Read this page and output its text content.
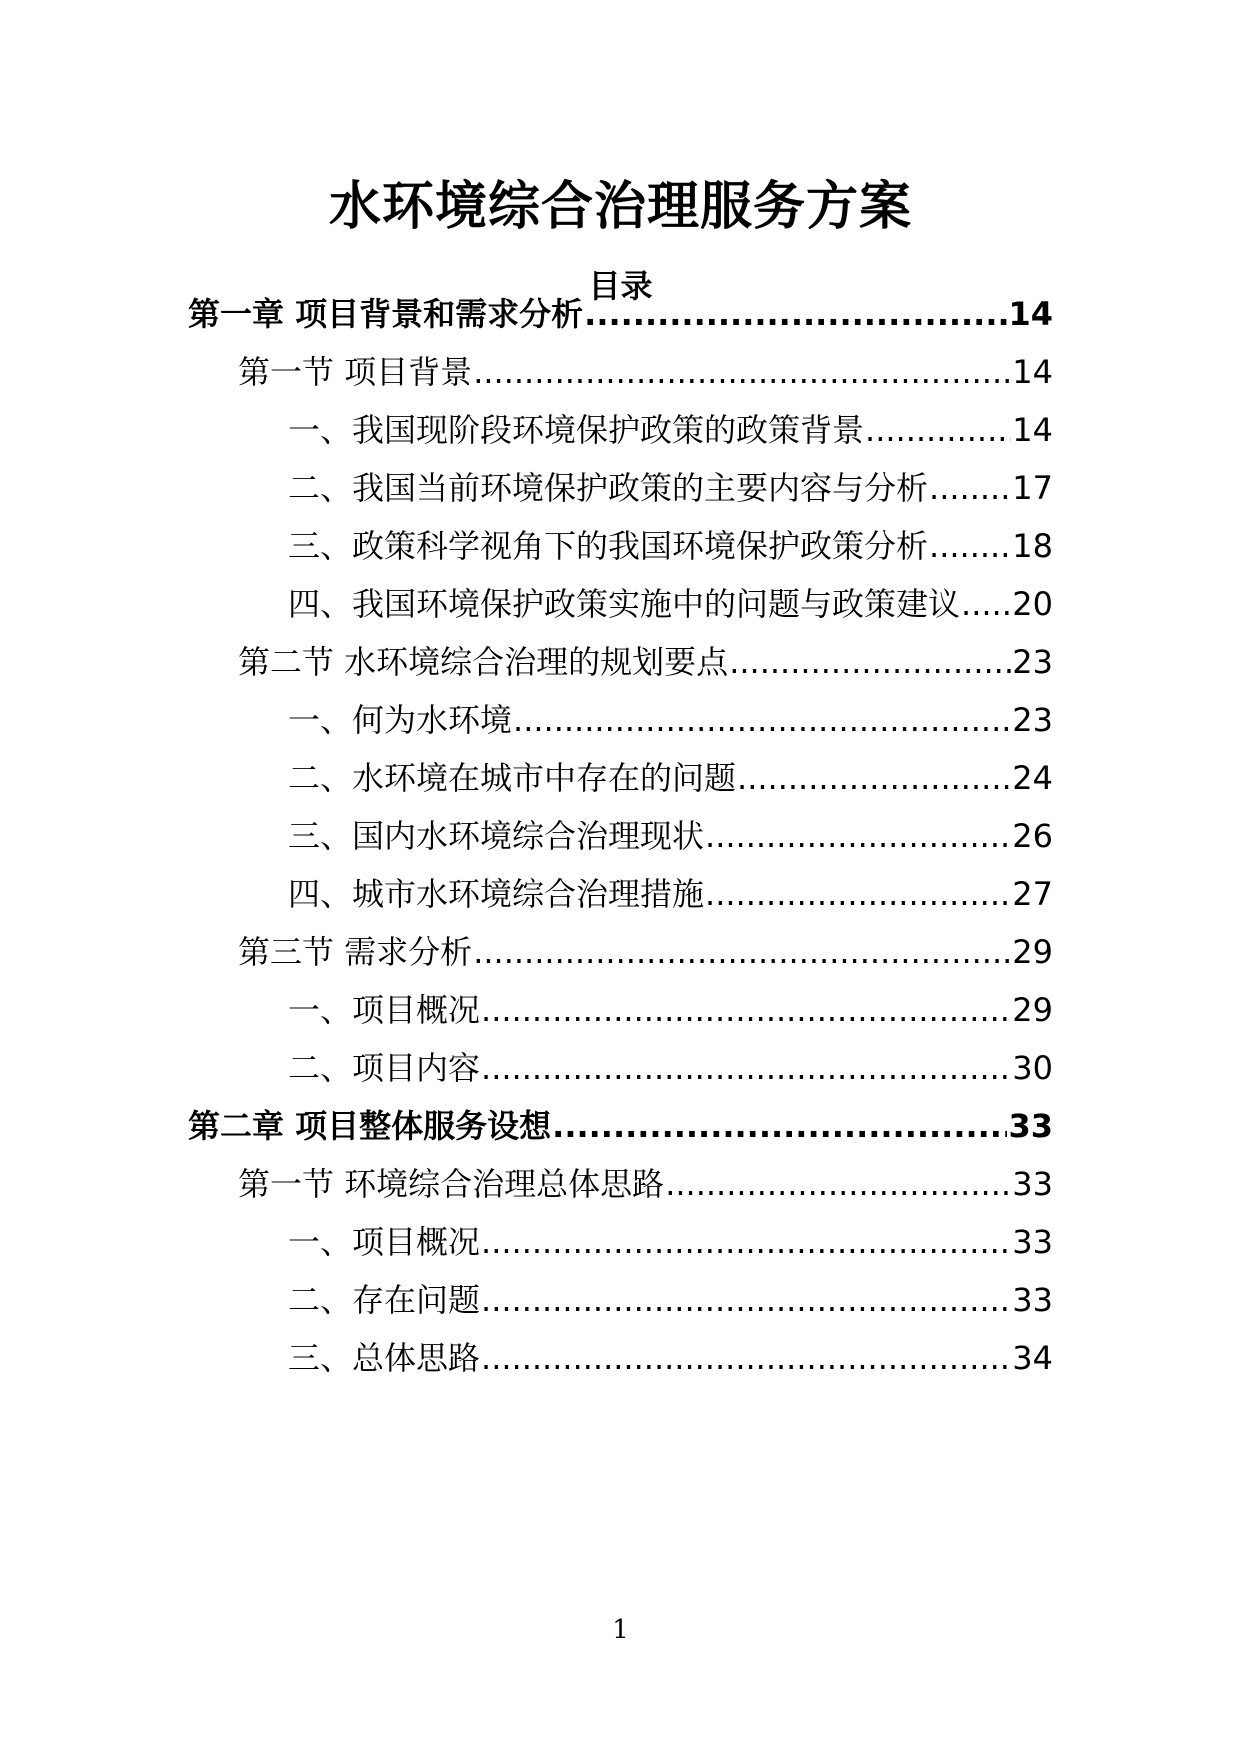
水环境综合治理服务方案
目录
第一章 项目背景和需求分析 .....	14
第一节 项目背景 .....	14
一、我国现阶段环境保护政策的政策背景 .....	14
二、我国当前环境保护政策的主要内容与分析 .....	17
三、政策科学视角下的我国环境保护政策分析 .....	18
四、我国环境保护政策实施中的问题与政策建议 ..... 20
第二节 水环境综合治理的规划要点 .....	23
一、何为水环境 .....	23
二、水环境在城市中存在的问题 .....	24
三、国内水环境综合治理现状 .....	26
四、城市水环境综合治理措施 .....	27
第三节 需求分析 .....	29
一、项目概况 .....	29
二、项目内容 .....	30
第二章 项目整体服务设想 .....	33
第一节 环境综合治理总体思路 .....	33
一、项目概况 .....	33
二、存在问题 .....	33
三、总体思路 .....	34
1
